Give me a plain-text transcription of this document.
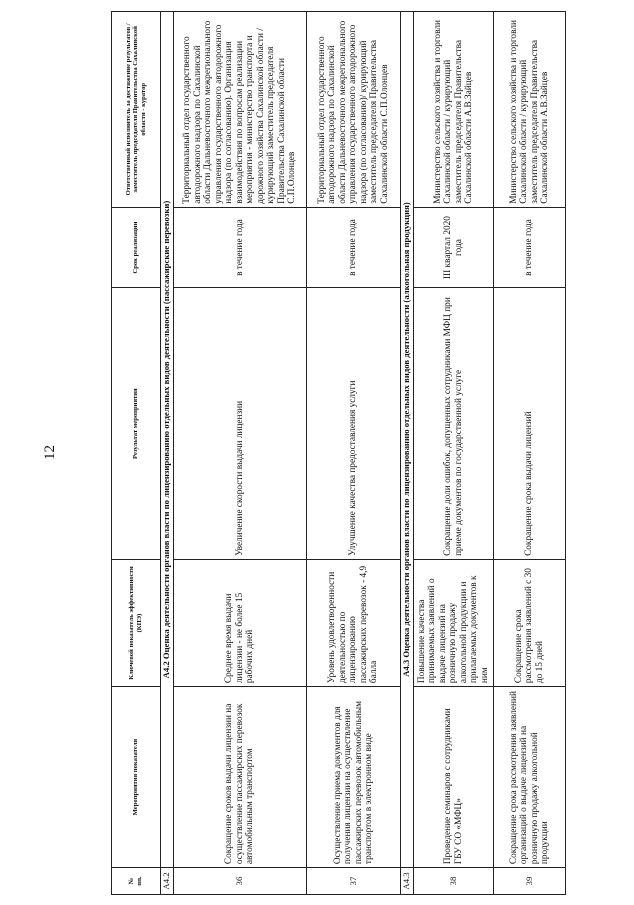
12
№
пп.	Мероприятия показателя	Ключевой показатель эффективности (КПЭ)	Результат мероприятия	Срок реализации	Ответственный исполнитель за достижение результатов / заместитель председателя Правительства Сахалинской области - куратор
А4.2	А4.2 Оценка деятельности органов власти по лицензированию отдельных видов деятельности (пассажирские перевозки)				

36	Сокращение сроков выдачи лицензии на осуществление пассажирских перевозок автомобильным транспортом	Среднее время выдачи лицензии - не более 15 рабочих дней	Увеличение скорости выдачи лицензии	в течение года	Территориальный отдел государственного автодорожного надзора по Сахалинской области Дальневосточного межрегионального управления государственного автодорожного надзора (по согласованию). Организация взаимодействия по вопросам реализации мероприятия - министерство транспорта и дорожного хозяйства Сахалинской области /курирующий заместитель председателя Правительства Сахалинской области С.П.Олонцев
37	Осуществление приема документов для получения лицензии на осуществление пассажирских перевозок автомобильным транспортом в электронном виде	Уровень удовлетворенности деятельностью по лицензированию пассажирских перевозок - 4,9 балла	Улучшение качества предоставления услуги	в течение года	Территориальный отдел государственного автодорожного надзора по Сахалинской области Дальневосточного межрегионального управления государственного автодорожного надзора (по согласованию)/ курирующий заместитель председателя Правительства Сахалинской области С.П.Олонцев
А4.3	А4.3 Оценка деятельности органов власти по лицензированию отдельных видов деятельности (алкогольная продукция)				

38	Проведение семинаров с сотрудниками ГБУ СО «МФЦ»	Повышение качества принимаемых заявлений о выдаче лицензий на розничную продажу алкогольной продукции и прилагаемых документов к ним	Сокращение доли ошибок, допущенных сотрудниками МФЦ при приеме документов по государственной услуге	III квартал 2020 года	Министерство сельского хозяйства и торговли Сахалинской области / курирующий заместитель председателя Правительства Сахалинской области А.В.Зайцев
39	Сокращение срока рассмотрения заявлений организаций о выдаче лицензий на розничную продажу алкогольной продукции	Сокращение срока рассмотрения заявлений с 30 до 15 дней	Сокращение срока выдачи лицензий	в течение года	Министерство сельского хозяйства и торговли Сахалинской области / курирующий заместитель председателя Правительства Сахалинской области А.В.Зайцев
